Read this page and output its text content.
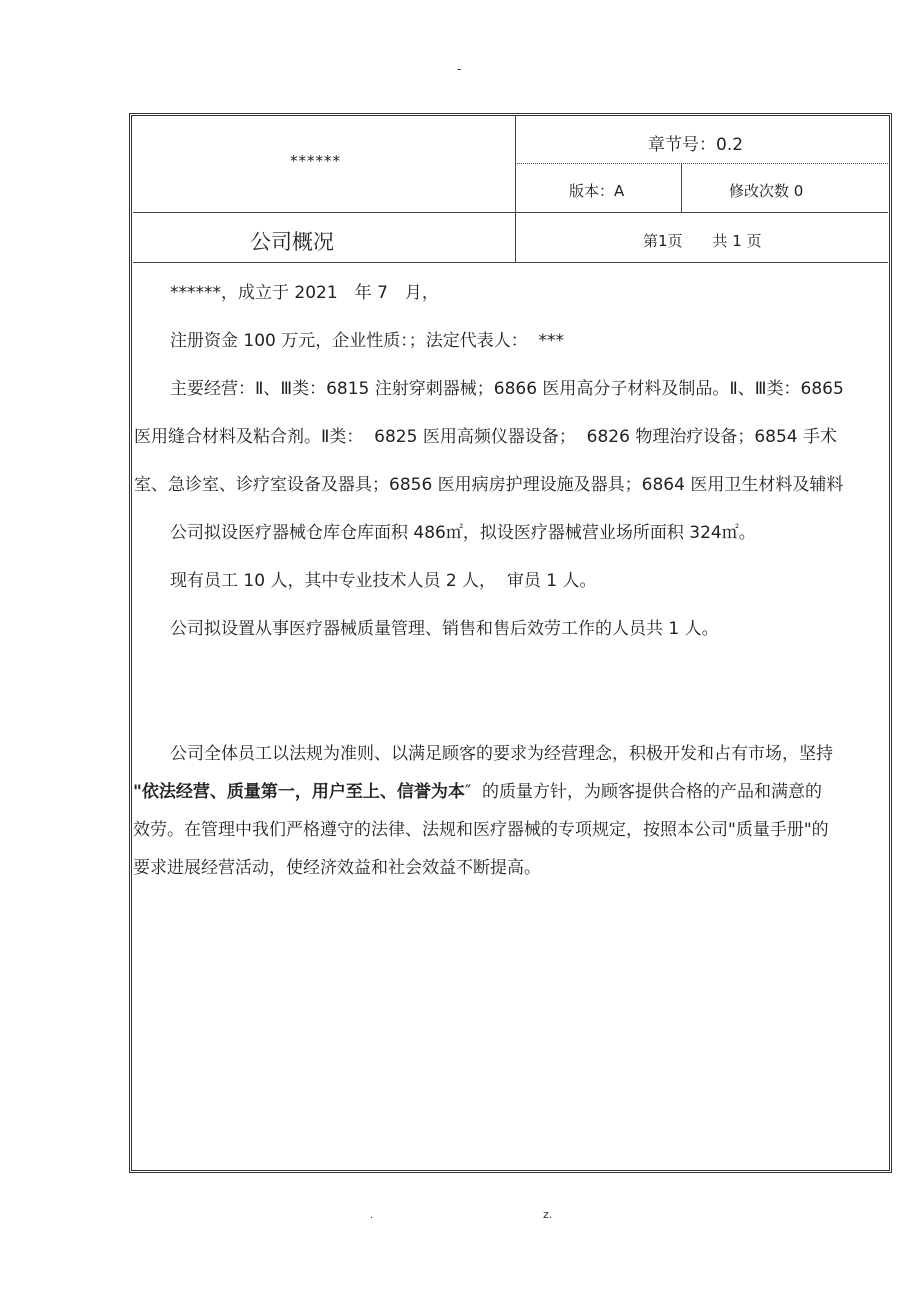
-
******
章节号：0.2
版本：A	修改次数 0
公司概况	第1页　　共 1 页
******，成立于 2021　年 7　月，
注册资金 100 万元，企业性质：；法定代表人：  ***
主要经营：Ⅱ、Ⅲ类：6815 注射穿刺器械；6866 医用高分子材料及制品。Ⅱ、Ⅲ类：6865
医用缝合材料及粘合剂。Ⅱ类：  6825 医用高频仪器设备；  6826 物理治疗设备；6854 手术
室、急诊室、诊疗室设备及器具；6856 医用病房护理设施及器具；6864 医用卫生材料及辅料
公司拟设医疗器械仓库仓库面积 486㎡，拟设医疗器械营业场所面积 324㎡。
现有员工 10 人，其中专业技术人员 2 人，  审员 1 人。
公司拟设置从事医疗器械质量管理、销售和售后效劳工作的人员共 1 人。
公司全体员工以法规为准则、以满足顾客的要求为经营理念，积极开发和占有市场，坚持
"依法经营、质量第一，用户至上、信誉为本″  的质量方针，为顾客提供合格的产品和满意的
效劳。在管理中我们严格遵守的法律、法规和医疗器械的专项规定，按照本公司"质量手册"的
要求进展经营活动，使经济效益和社会效益不断提高。
.	z.
